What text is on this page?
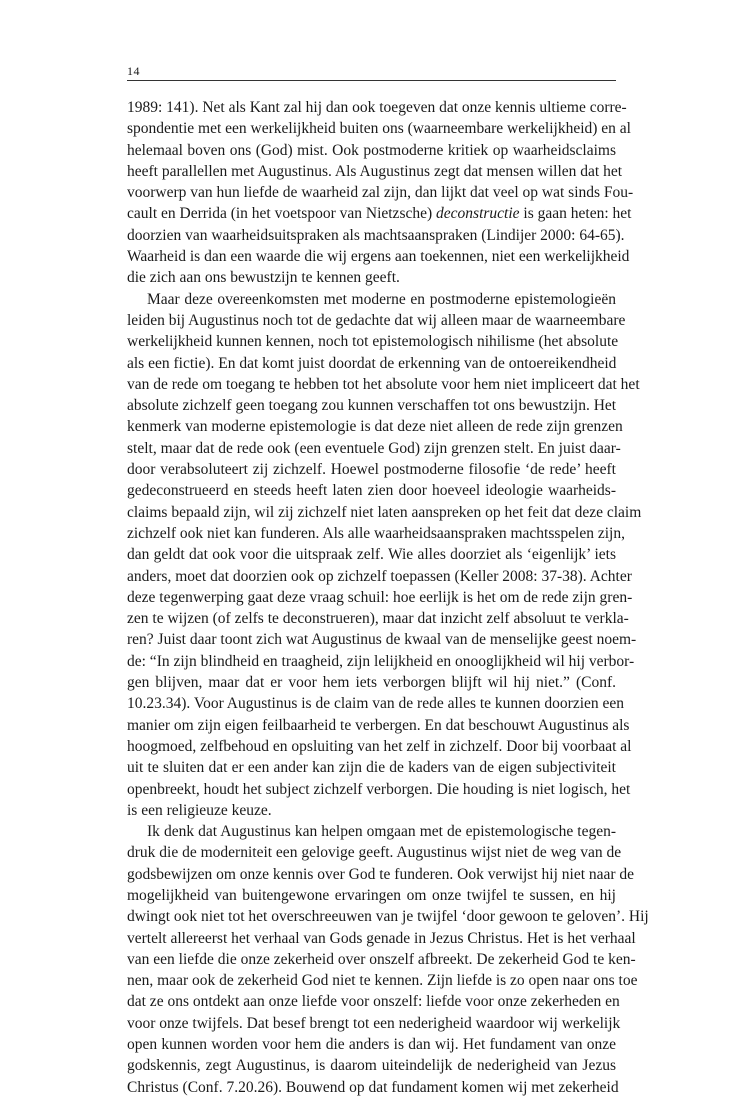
14
1989: 141). Net als Kant zal hij dan ook toegeven dat onze kennis ultieme corre-
spondentie met een werkelijkheid buiten ons (waarneembare werkelijkheid) en al
helemaal boven ons (God) mist. Ook postmoderne kritiek op waarheidsclaims
heeft parallellen met Augustinus. Als Augustinus zegt dat mensen willen dat het
voorwerp van hun liefde de waarheid zal zijn, dan lijkt dat veel op wat sinds Fou-
cault en Derrida (in het voetspoor van Nietzsche) deconstructie is gaan heten: het
doorzien van waarheidsuitspraken als machtsaanspraken (Lindijer 2000: 64-65).
Waarheid is dan een waarde die wij ergens aan toekennen, niet een werkelijkheid
die zich aan ons bewustzijn te kennen geeft.
Maar deze overeenkomsten met moderne en postmoderne epistemologieën
leiden bij Augustinus noch tot de gedachte dat wij alleen maar de waarneembare
werkelijkheid kunnen kennen, noch tot epistemologisch nihilisme (het absolute
als een fictie). En dat komt juist doordat de erkenning van de ontoereikendheid
van de rede om toegang te hebben tot het absolute voor hem niet impliceert dat het
absolute zichzelf geen toegang zou kunnen verschaffen tot ons bewustzijn. Het
kenmerk van moderne epistemologie is dat deze niet alleen de rede zijn grenzen
stelt, maar dat de rede ook (een eventuele God) zijn grenzen stelt. En juist daar-
door verabsoluteert zij zichzelf. Hoewel postmoderne filosofie ‘de rede’ heeft
gedeconstrueerd en steeds heeft laten zien door hoeveel ideologie waarheids-
claims bepaald zijn, wil zij zichzelf niet laten aanspreken op het feit dat deze claim
zichzelf ook niet kan funderen. Als alle waarheidsaanspraken machtsspelen zijn,
dan geldt dat ook voor die uitspraak zelf. Wie alles doorziet als ‘eigenlijk’ iets
anders, moet dat doorzien ook op zichzelf toepassen (Keller 2008: 37-38). Achter
deze tegenwerping gaat deze vraag schuil: hoe eerlijk is het om de rede zijn gren-
zen te wijzen (of zelfs te deconstrueren), maar dat inzicht zelf absoluut te verkla-
ren? Juist daar toont zich wat Augustinus de kwaal van de menselijke geest noem-
de: “In zijn blindheid en traagheid, zijn lelijkheid en onooglijkheid wil hij verbor-
gen blijven, maar dat er voor hem iets verborgen blijft wil hij niet.” (Conf.
10.23.34). Voor Augustinus is de claim van de rede alles te kunnen doorzien een
manier om zijn eigen feilbaarheid te verbergen. En dat beschouwt Augustinus als
hoogmoed, zelfbehoud en opsluiting van het zelf in zichzelf. Door bij voorbaat al
uit te sluiten dat er een ander kan zijn die de kaders van de eigen subjectiviteit
openbreekt, houdt het subject zichzelf verborgen. Die houding is niet logisch, het
is een religieuze keuze.
Ik denk dat Augustinus kan helpen omgaan met de epistemologische tegen-
druk die de moderniteit een gelovige geeft. Augustinus wijst niet de weg van de
godsbewijzen om onze kennis over God te funderen. Ook verwijst hij niet naar de
mogelijkheid van buitengewone ervaringen om onze twijfel te sussen, en hij
dwingt ook niet tot het overschreeuwen van je twijfel ‘door gewoon te geloven’. Hij
vertelt allereerst het verhaal van Gods genade in Jezus Christus. Het is het verhaal
van een liefde die onze zekerheid over onszelf afbreekt. De zekerheid God te ken-
nen, maar ook de zekerheid God niet te kennen. Zijn liefde is zo open naar ons toe
dat ze ons ontdekt aan onze liefde voor onszelf: liefde voor onze zekerheden en
voor onze twijfels. Dat besef brengt tot een nederigheid waardoor wij werkelijk
open kunnen worden voor hem die anders is dan wij. Het fundament van onze
godskennis, zegt Augustinus, is daarom uiteindelijk de nederigheid van Jezus
Christus (Conf. 7.20.26). Bouwend op dat fundament komen wij met zekerheid
